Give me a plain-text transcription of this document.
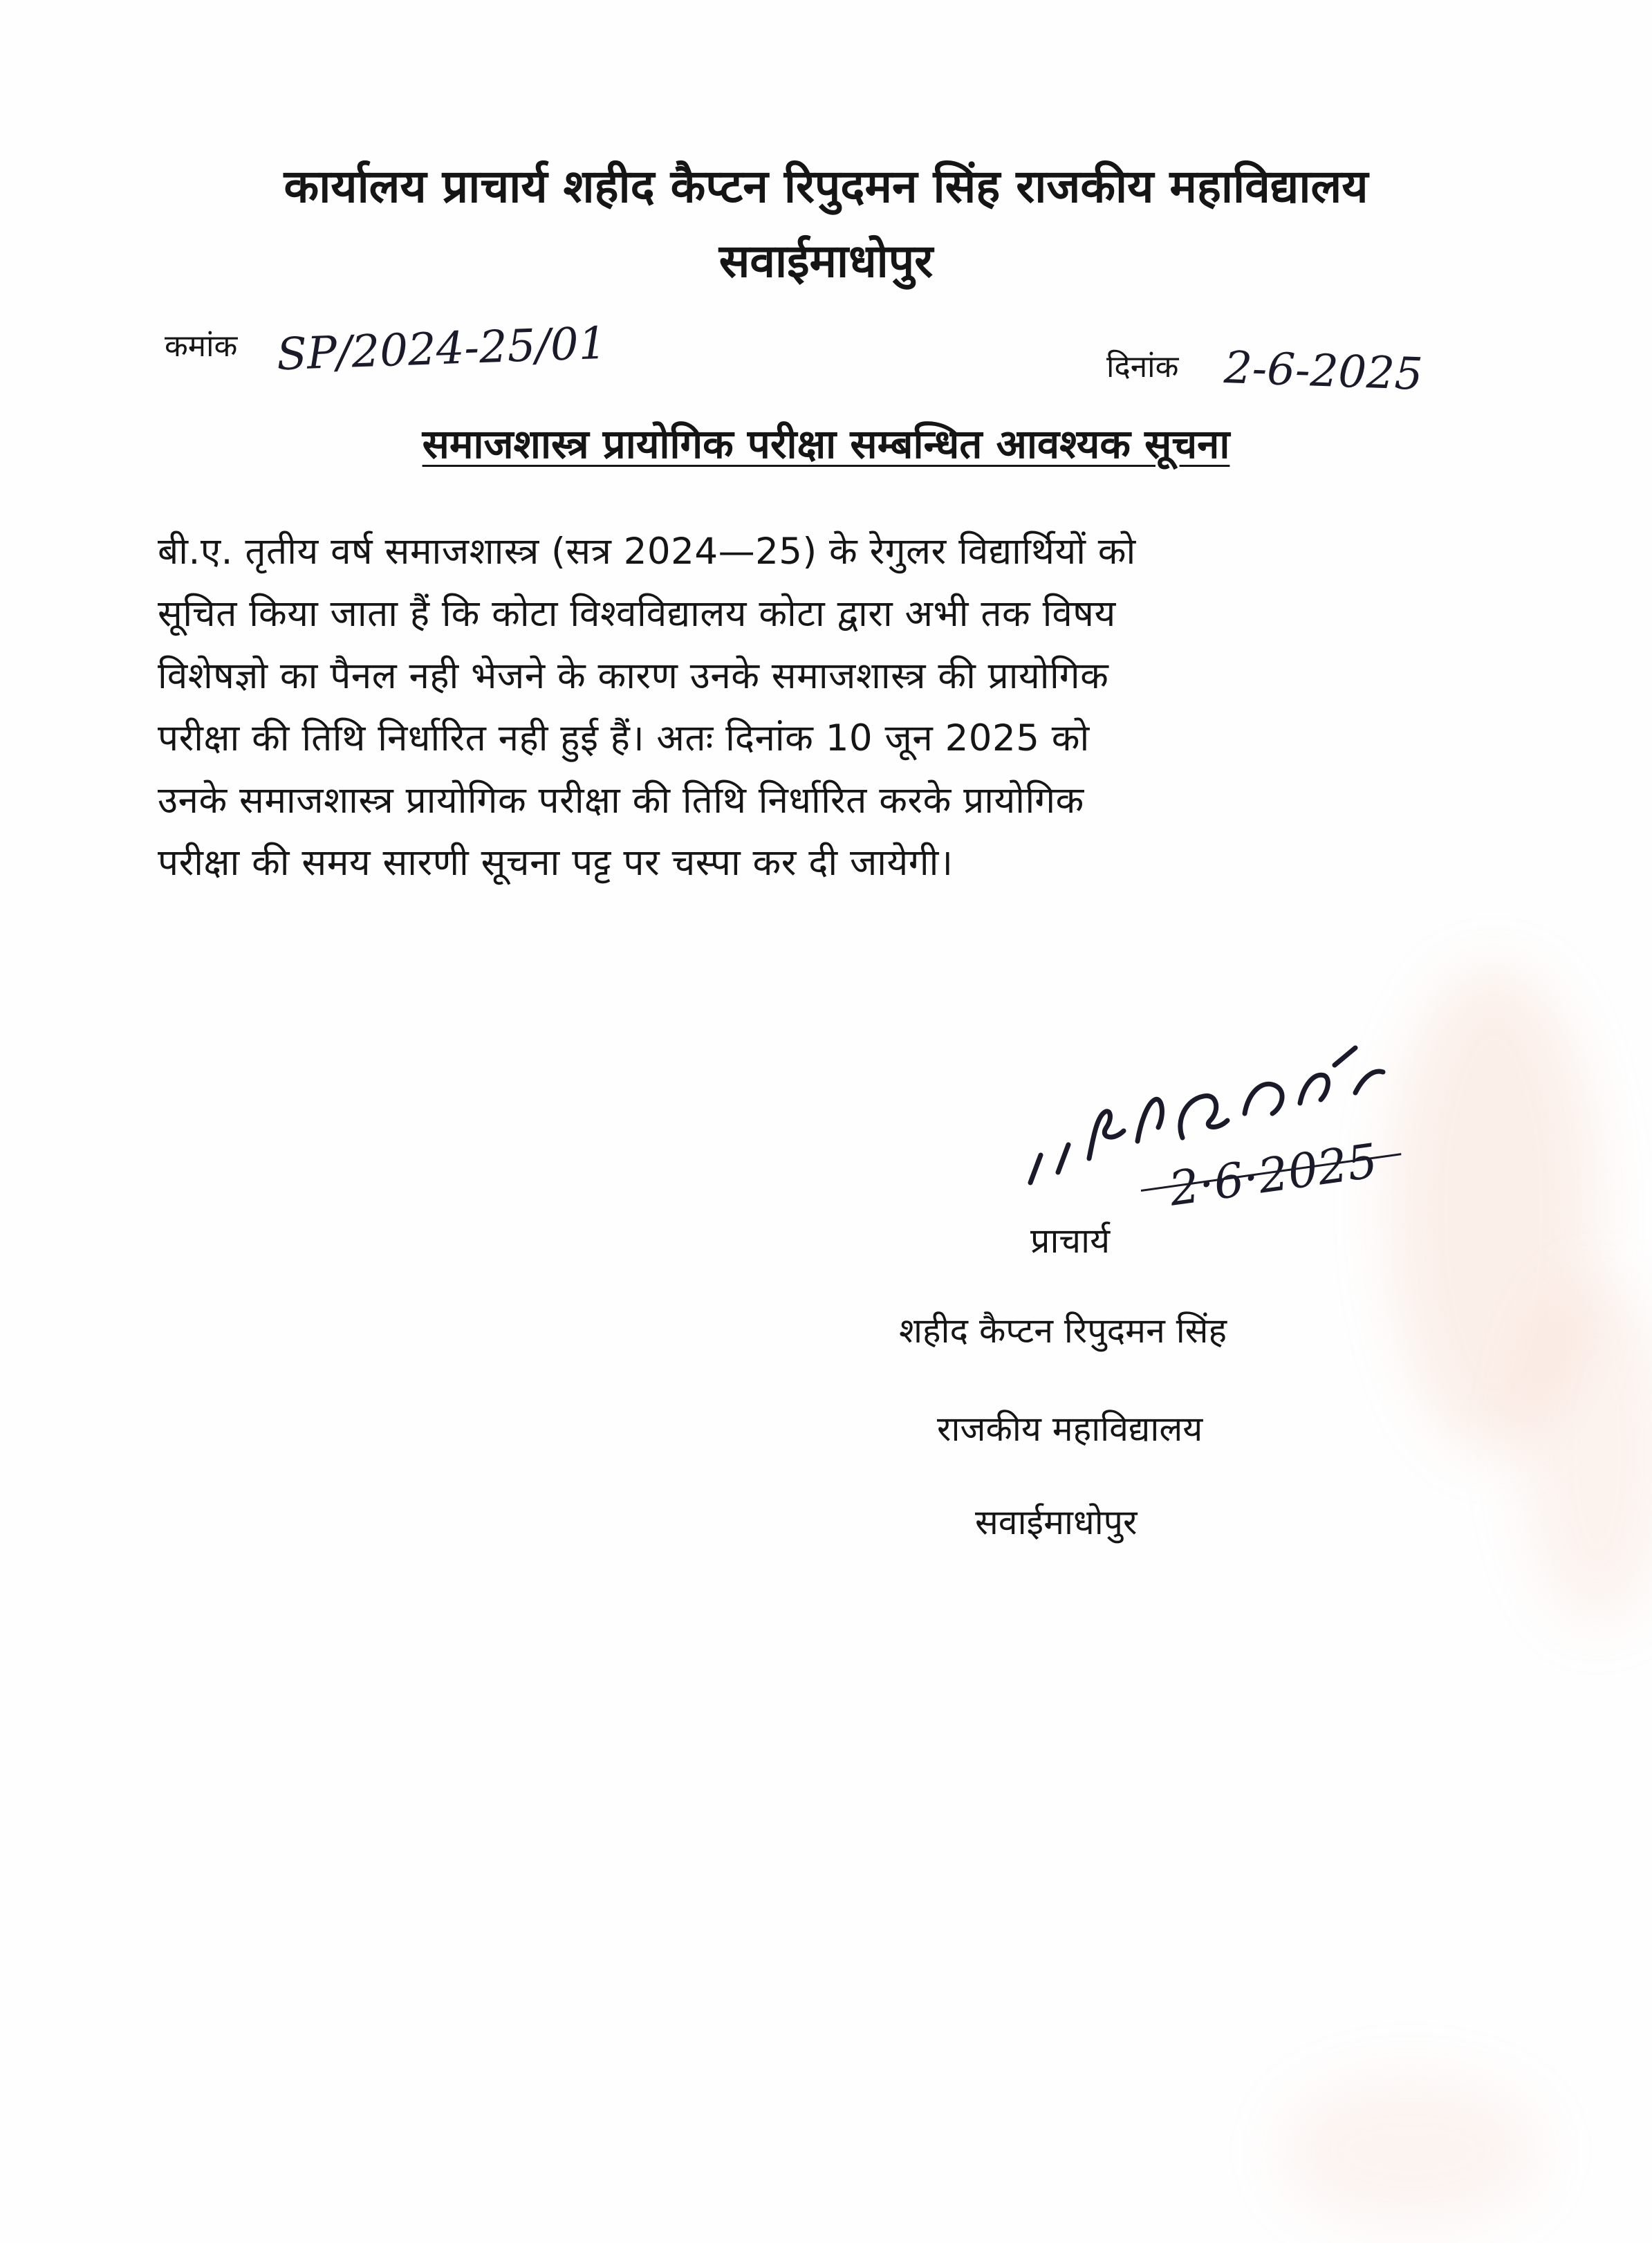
कार्यालय प्राचार्य शहीद कैप्टन रिपुदमन सिंह राजकीय महाविद्यालय
सवाईमाधोपुर
कमांक SP/2024-25/01	दिनांक 2-6-2025
समाजशास्त्र प्रायोगिक परीक्षा सम्बन्धित आवश्यक सूचना
बी.ए. तृतीय वर्ष समाजशास्त्र (सत्र 2024—25) के रेगुलर विद्यार्थियों को
सूचित किया जाता हैं कि कोटा विश्वविद्यालय कोटा द्वारा अभी तक विषय
विशेषज्ञो का पैनल नही भेजने के कारण उनके समाजशास्त्र की प्रायोगिक
परीक्षा की तिथि निर्धारित नही हुई हैं। अतः दिनांक 10 जून 2025 को
उनके समाजशास्त्र प्रायोगिक परीक्षा की तिथि निर्धारित करके प्रायोगिक
परीक्षा की समय सारणी सूचना पट्ट पर चस्पा कर दी जायेगी।
2·6·2025
प्राचार्य
शहीद कैप्टन रिपुदमन सिंह
राजकीय महाविद्यालय
सवाईमाधोपुर
